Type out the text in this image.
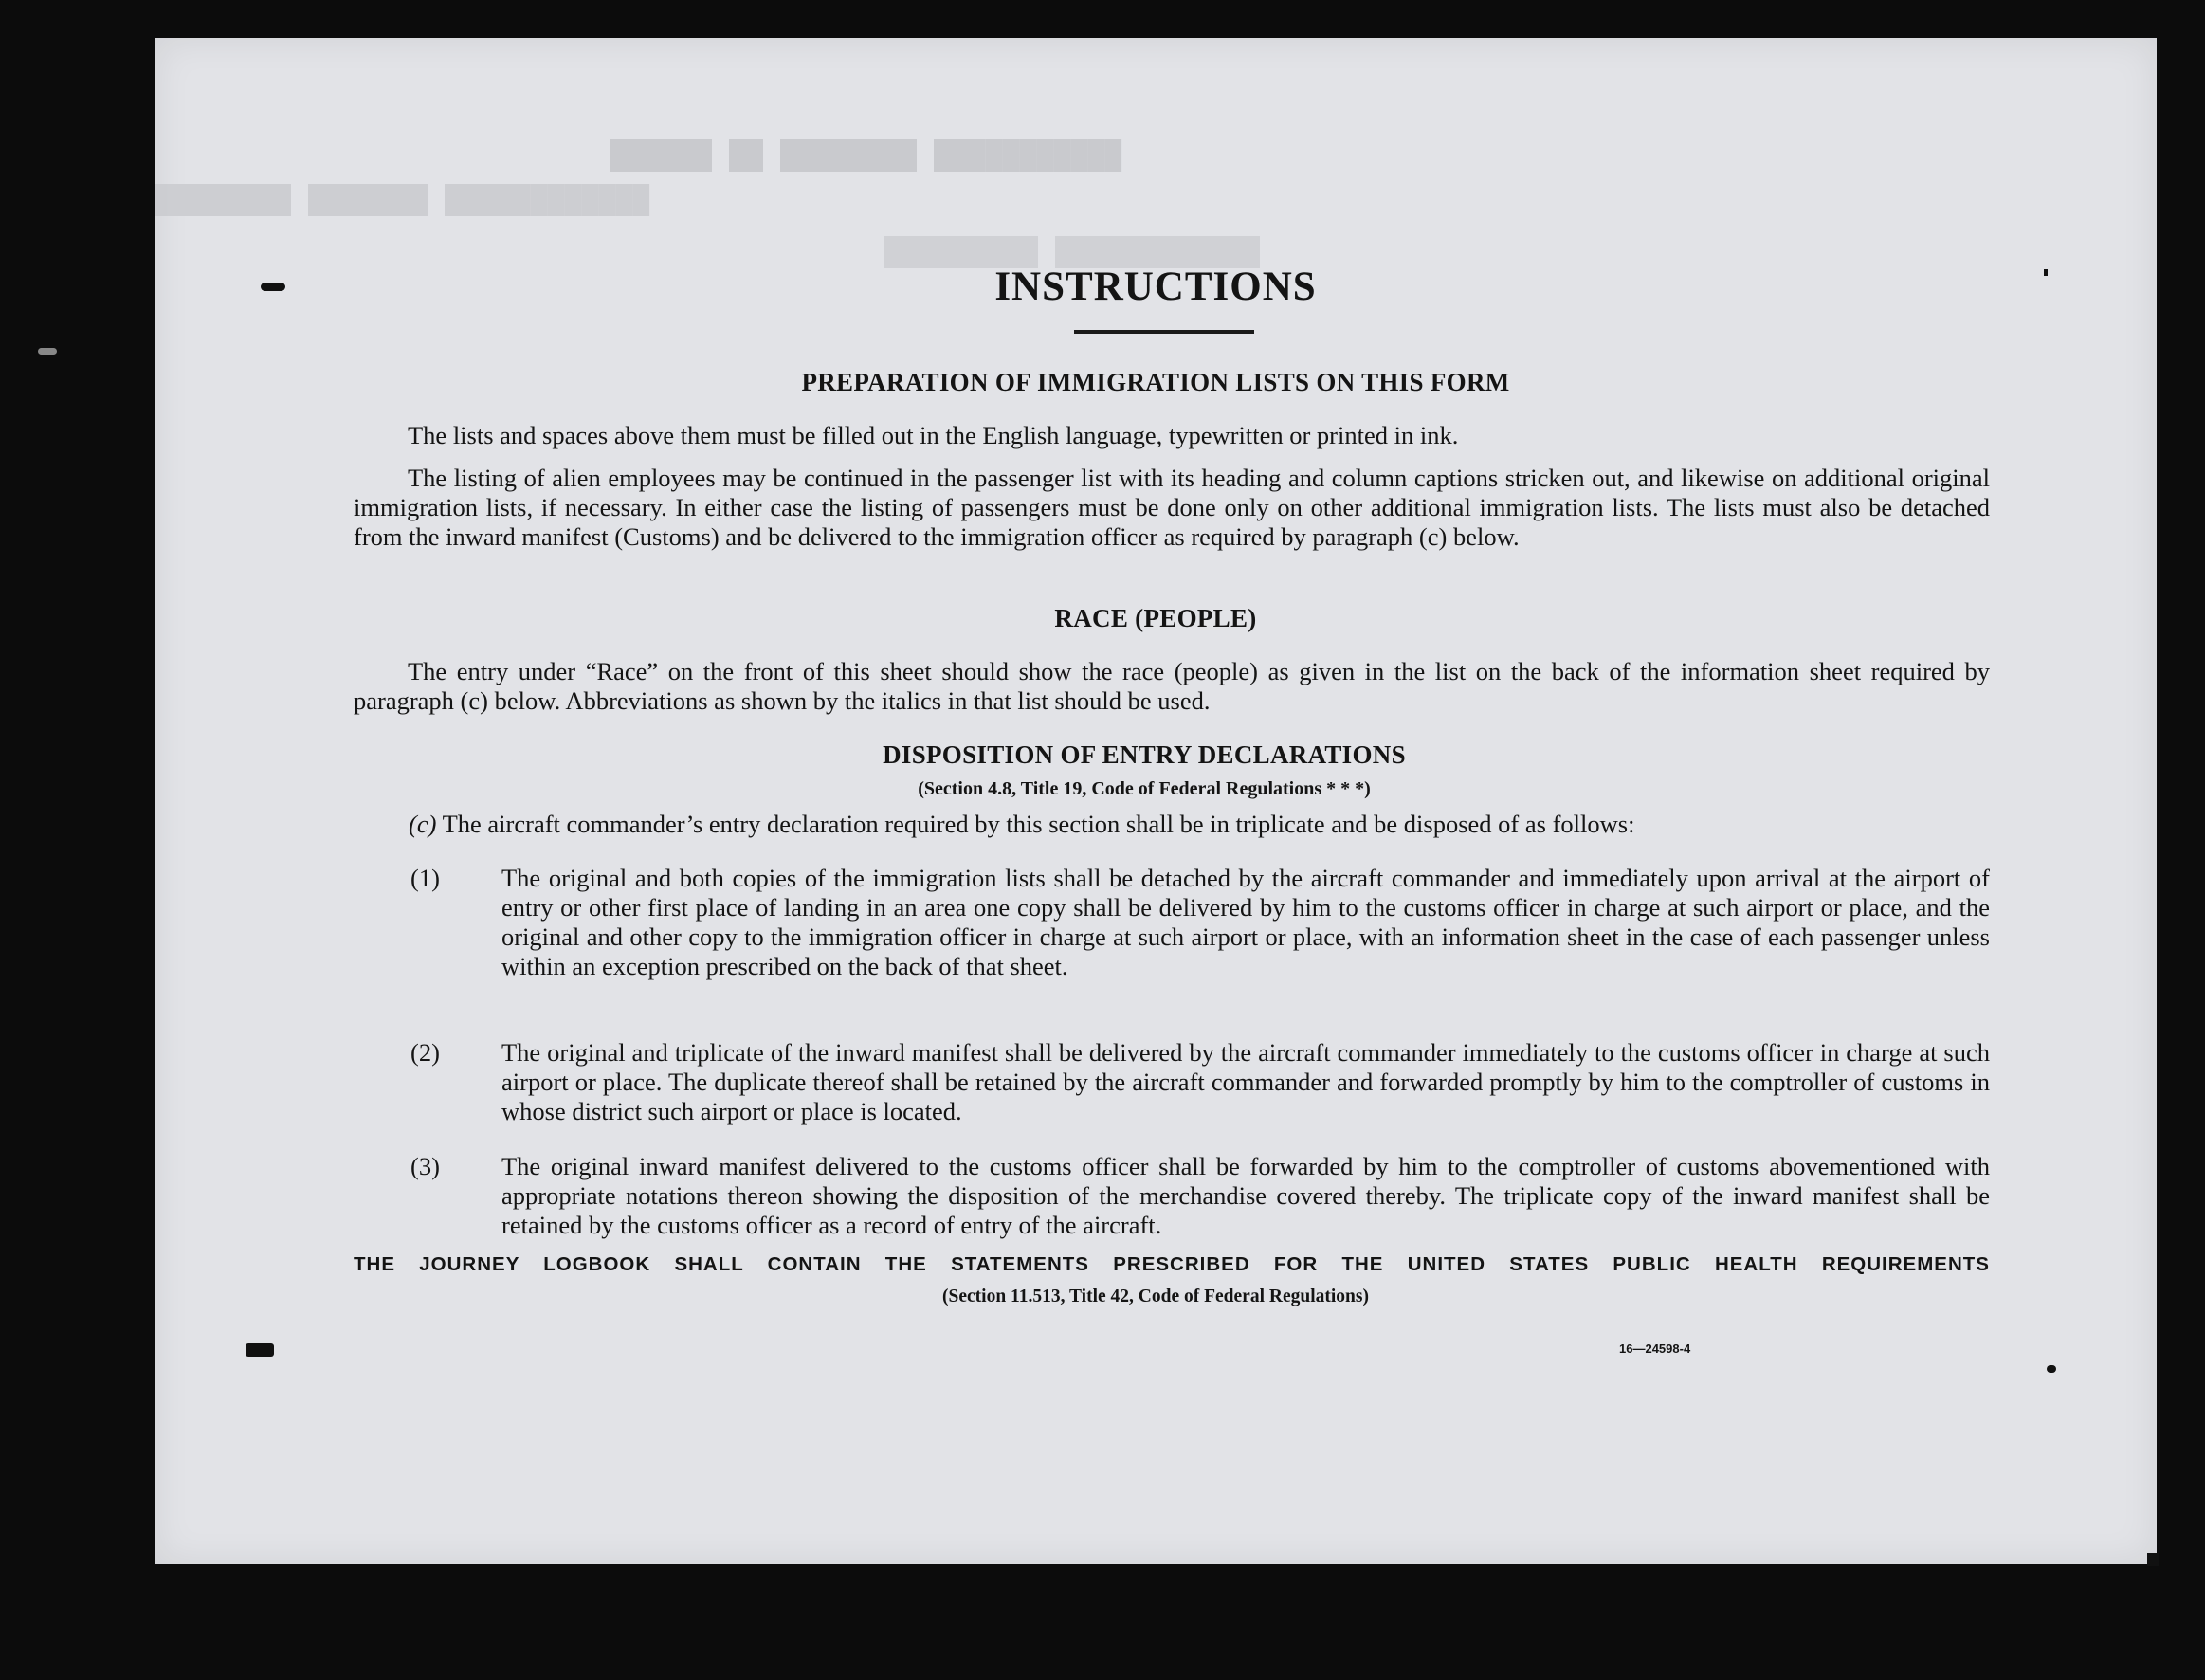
██████ ██ ████████ ███████████
████████ ███████ ████████████
█████████ ████████████
INSTRUCTIONS
PREPARATION OF IMMIGRATION LISTS ON THIS FORM

The lists and spaces above them must be filled out in the English language, typewritten or printed in ink.

The listing of alien employees may be continued in the passenger list with its heading and column captions stricken out, and likewise on additional original immigration lists, if necessary. In either case the listing of passengers must be done only on other additional immigration lists. The lists must also be detached from the inward manifest (Customs) and be delivered to the immigration officer as required by paragraph (c) below.

RACE (PEOPLE)

The entry under “Race” on the front of this sheet should show the race (people) as given in the list on the back of the information sheet required by paragraph (c) below. Abbreviations as shown by the italics in that list should be used.

DISPOSITION OF ENTRY DECLARATIONS
(Section 4.8, Title 19, Code of Federal Regulations * * *)

(c) The aircraft commander’s entry declaration required by this section shall be in triplicate and be disposed of as follows:

(1) The original and both copies of the immigration lists shall be detached by the aircraft commander and immediately upon arrival at the airport of entry or other first place of landing in an area one copy shall be delivered by him to the customs officer in charge at such airport or place, and the original and other copy to the immigration officer in charge at such airport or place, with an information sheet in the case of each passenger unless within an exception prescribed on the back of that sheet.

(2) The original and triplicate of the inward manifest shall be delivered by the aircraft commander immediately to the customs officer in charge at such airport or place. The duplicate thereof shall be retained by the aircraft commander and forwarded promptly by him to the comptroller of customs in whose district such airport or place is located.

(3) The original inward manifest delivered to the customs officer shall be forwarded by him to the comptroller of customs abovementioned with appropriate notations thereon showing the disposition of the merchandise covered thereby. The triplicate copy of the inward manifest shall be retained by the customs officer as a record of entry of the aircraft.

THE JOURNEY LOGBOOK SHALL CONTAIN THE STATEMENTS PRESCRIBED FOR THE UNITED STATES PUBLIC HEALTH REQUIREMENTS
(Section 11.513, Title 42, Code of Federal Regulations)
16—24598-4
